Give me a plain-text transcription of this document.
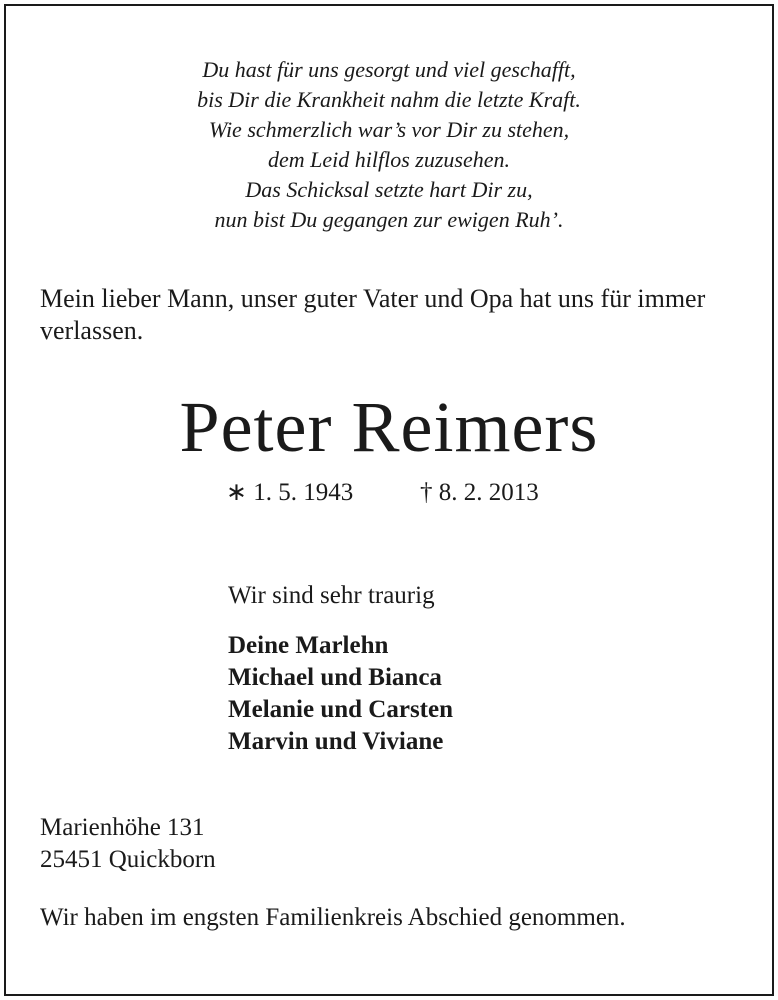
Du hast für uns gesorgt und viel geschafft,
bis Dir die Krankheit nahm die letzte Kraft.
Wie schmerzlich war’s vor Dir zu stehen,
dem Leid hilflos zuzusehen.
Das Schicksal setzte hart Dir zu,
nun bist Du gegangen zur ewigen Ruh’.
Mein lieber Mann, unser guter Vater und Opa hat uns für immer verlassen.
Peter Reimers
∗ 1. 5. 1943	† 8. 2. 2013
Wir sind sehr traurig
Deine Marlehn
Michael und Bianca
Melanie und Carsten
Marvin und Viviane
Marienhöhe 131
25451 Quickborn
Wir haben im engsten Familienkreis Abschied genommen.
